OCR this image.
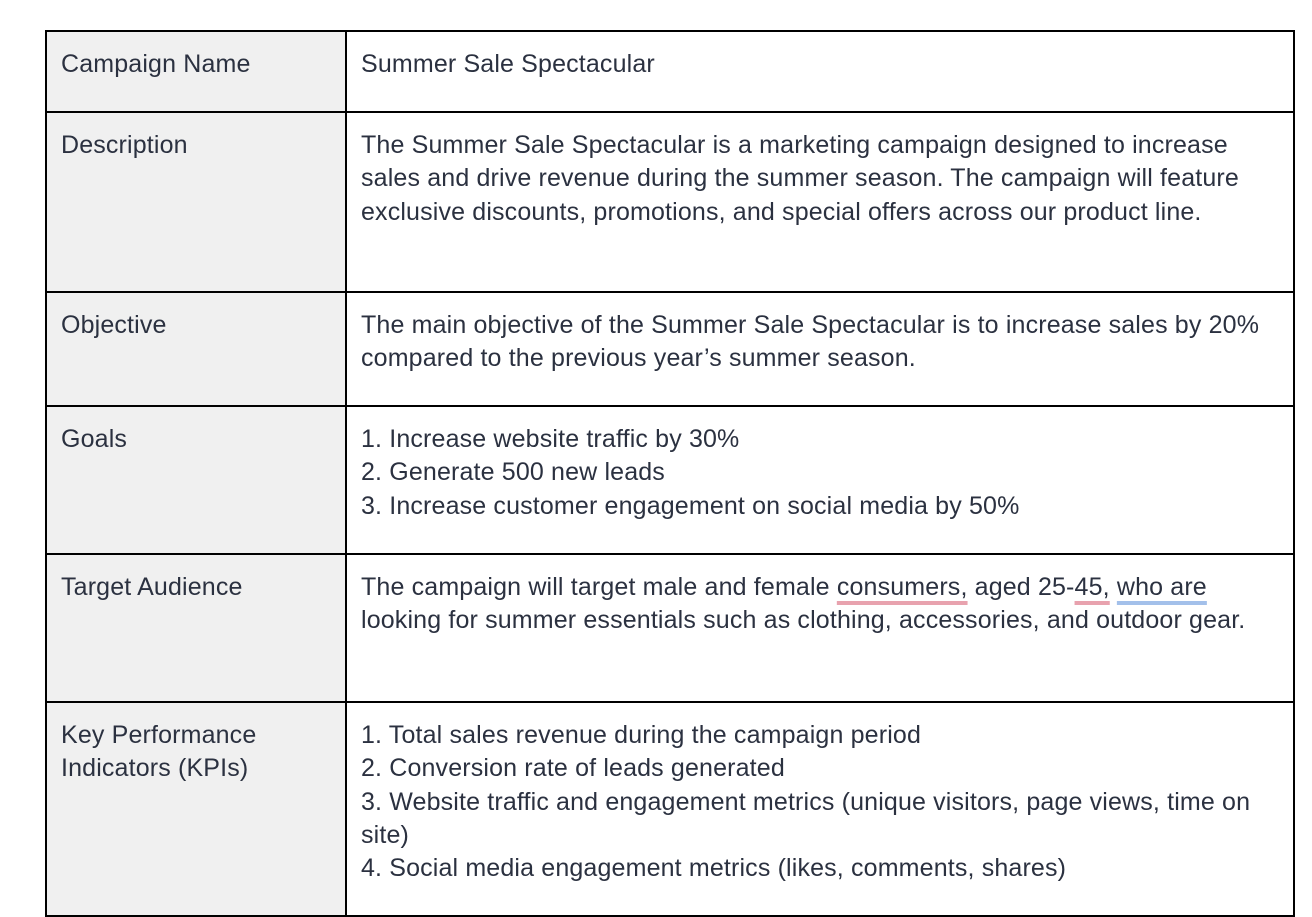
Campaign Name	Summer Sale Spectacular
Description	The Summer Sale Spectacular is a marketing campaign designed to increase sales and drive revenue during the summer season. The campaign will feature exclusive discounts, promotions, and special offers across our product line.
Objective	The main objective of the Summer Sale Spectacular is to increase sales by 20% compared to the previous year’s summer season.
Goals	1. Increase website traffic by 30%
2. Generate 500 new leads
3. Increase customer engagement on social media by 50%

Target Audience	The campaign will target male and female consumers, aged 25-45, who are looking for summer essentials such as clothing, accessories, and outdoor gear.
Key Performance Indicators (KPIs)	1. Total sales revenue during the campaign period
2. Conversion rate of leads generated
3. Website traffic and engagement metrics (unique visitors, page views, time on site)
4. Social media engagement metrics (likes, comments, shares)
